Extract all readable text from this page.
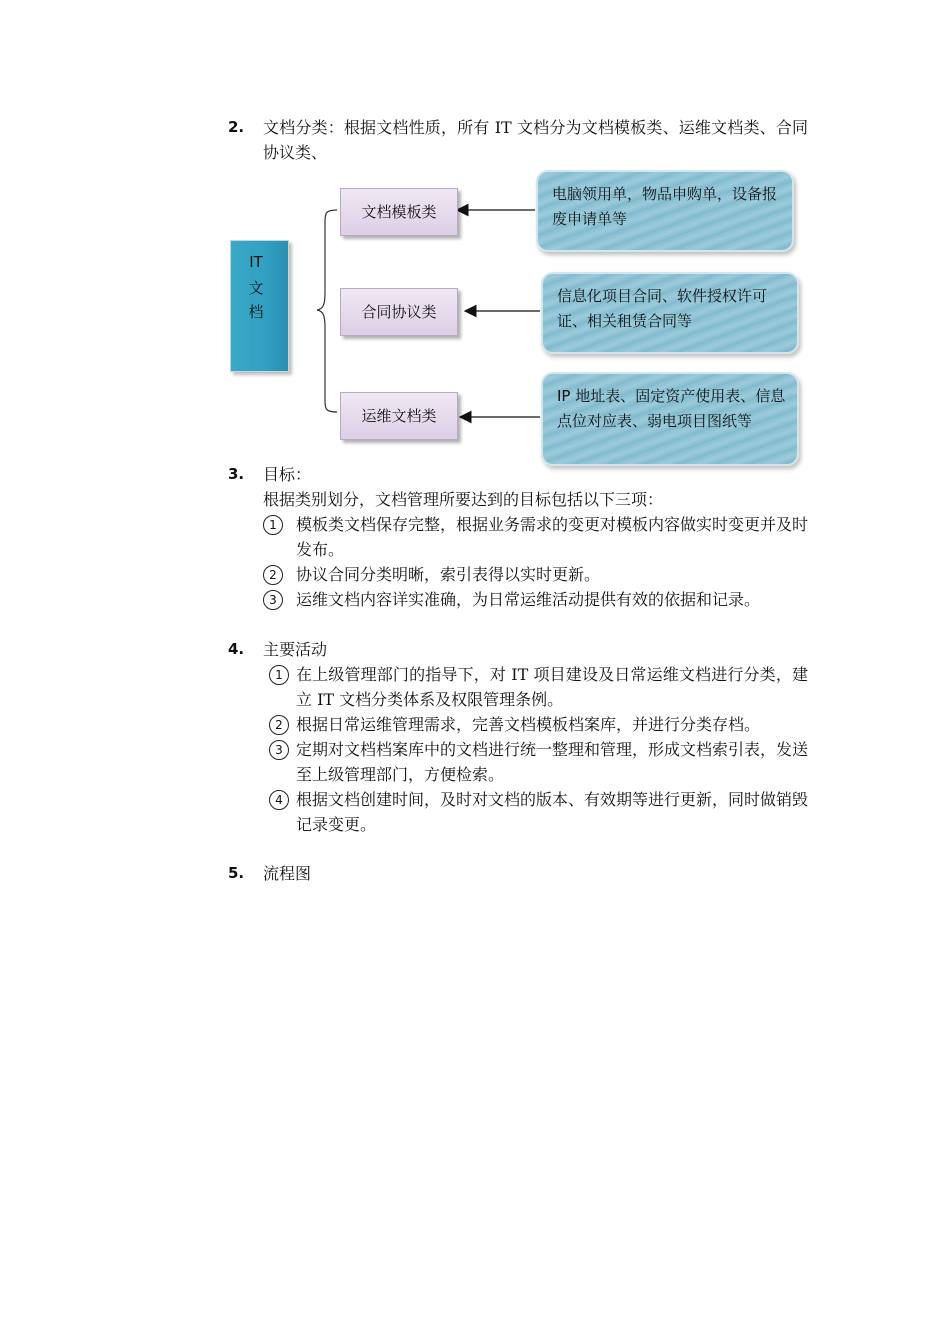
2. 文档分类：根据文档性质，所有 IT 文档分为文档模板类、运维文档类、合同协议类、

IT
文
档
文档模板类
合同协议类
运维文档类
电脑领用单，物品申购单，设备报废申请单等
信息化项目合同、软件授权许可证、相关租赁合同等
IP 地址表、固定资产使用表、信息点位对应表、弱电项目图纸等
3. 目标：

根据类别划分，文档管理所要达到的目标包括以下三项：

1	模板类文档保存完整，根据业务需求的变更对模板内容做实时变更并及时发布。
2	协议合同分类明晰，索引表得以实时更新。
3	运维文档内容详实准确，为日常运维活动提供有效的依据和记录。
4. 主要活动

1 在上级管理部门的指导下，对 IT 项目建设及日常运维文档进行分类，建立 IT 文档分类体系及权限管理条例。
2 根据日常运维管理需求，完善文档模板档案库，并进行分类存档。
3 定期对文档档案库中的文档进行统一整理和管理，形成文档索引表，发送至上级管理部门，方便检索。
4 根据文档创建时间，及时对文档的版本、有效期等进行更新，同时做销毁记录变更。
5. 流程图
